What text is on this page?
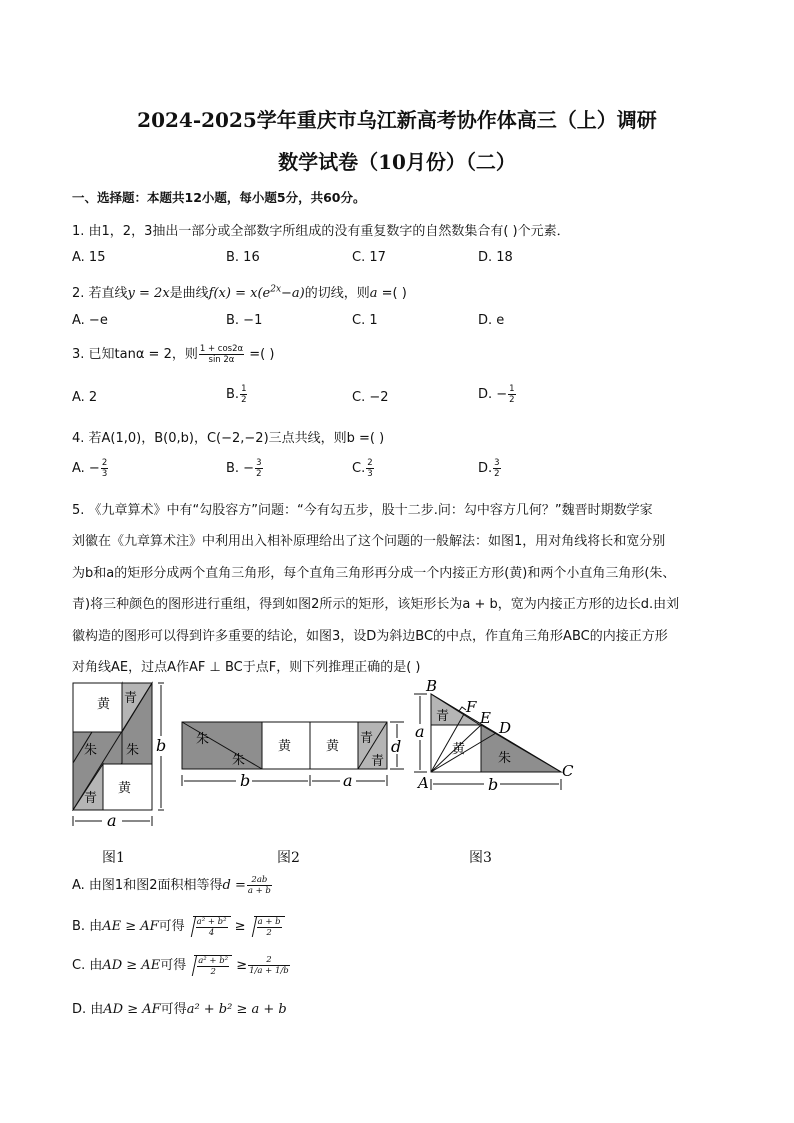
2024-2025学年重庆市乌江新高考协作体高三（上）调研
数学试卷（10月份）（二）
一、选择题：本题共12小题，每小题5分，共60分。
1. 由1，2，3抽出一部分或全部数字所组成的没有重复数字的自然数集合有( )个元素．
A. 15	B. 16	C. 17	D. 18
2. 若直线y = 2x是曲线$f(x) = x(e^{2x}-a)$的切线，则a =( )
A. −e	B. −1	C. 1	D. e
3. 已知tanα = 2，则 $\frac{1 + \cos 2\alpha}{\sin 2\alpha}$ =( )
A. 2	B. $\frac{1}{2}$	C. −2	D. − $\frac{1}{2}$
4. 若A(1,0)，B(0,b)，C(−2,−2)三点共线，则b =( )
A. − $\frac{2}{3}$	B. − $\frac{3}{2}$	C. $\frac{2}{3}$	D. $\frac{3}{2}$
5. 《九章算术》中有“勾股容方”问题：“今有勾五步，股十二步.问：勾中容方几何？”魏晋时期数学家
刘徽在《九章算术注》中利用出入相补原理给出了这个问题的一般解法：如图1，用对角线将长和宽分别
为b和a的矩形分成两个直角三角形，每个直角三角形再分成一个内接正方形(黄)和两个小直角三角形(朱、
青)将三种颜色的图形进行重组，得到如图2所示的矩形，该矩形长为a + b，宽为内接正方形的边长d.由刘
徽构造的图形可以得到许多重要的结论，如图3，设D为斜边BC的中点，作直角三角形ABC的内接正方形
对角线AE，过点A作AF ⊥ BC于点F，则下列推理正确的是( )
黄 青
朱 朱
黄
青
b
a
朱
朱
黄	黄
青
青
b	a
d
B
F
E
D
C
A
青
黄
朱
a
b
图1	图2	图3
A. 由图1和图2面积相等得$d = \frac{2ab}{a + b}$
B. 由AE ≥ AF可得 $\frac{\text{a² + b²}}{4} \ge \frac{a + b}{2}$
C. 由AD ≥ AE可得 $\frac{\text{a² + b²}}{2} \ge \frac{2}{1/a + 1/b}$
D. 由AD ≥ AF可得a² + b² ≥ a + b
